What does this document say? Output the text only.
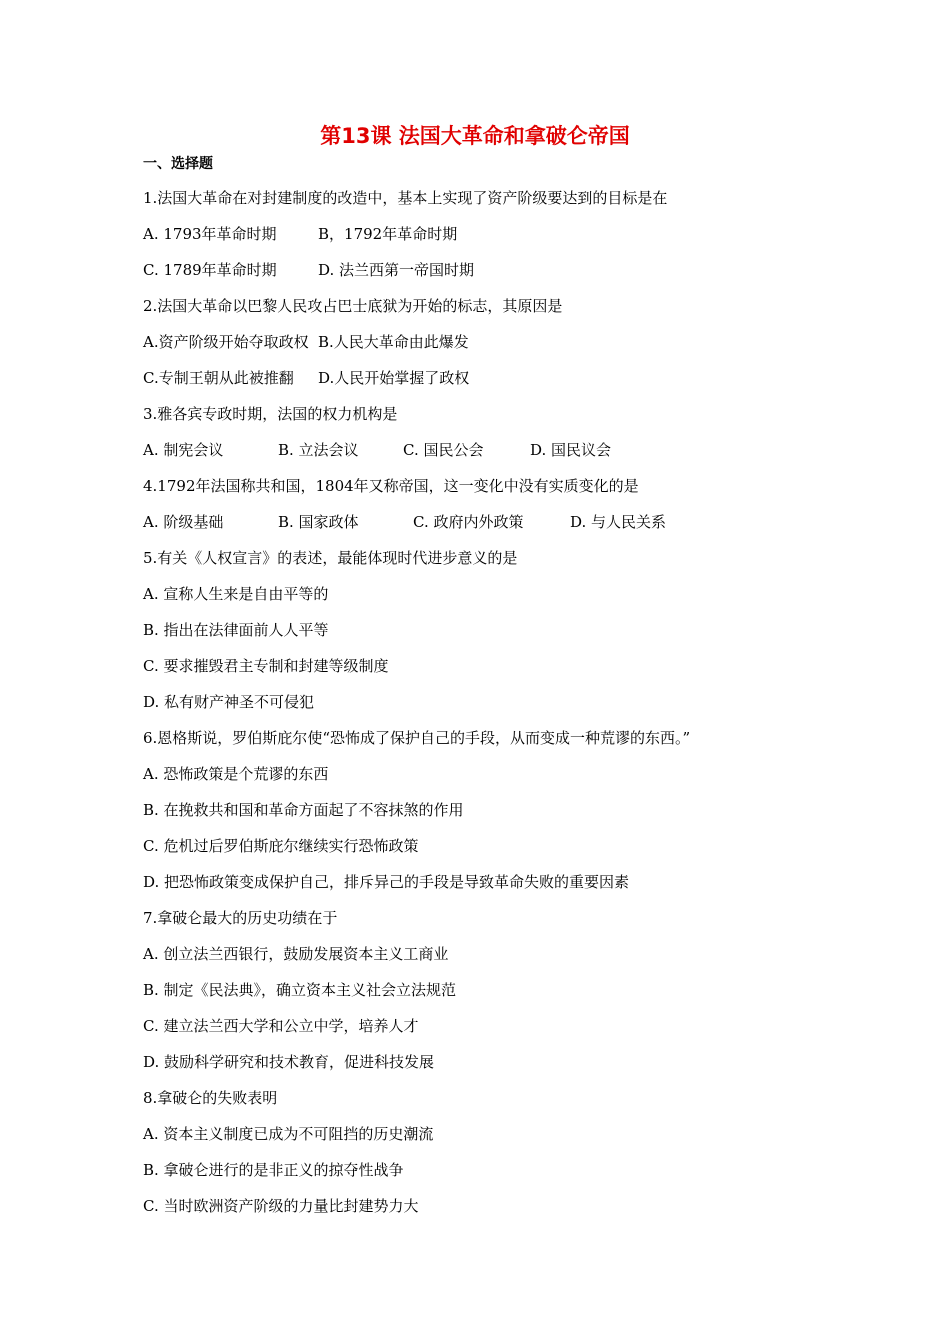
第13课 法国大革命和拿破仑帝国
一、选择题
1.法国大革命在对封建制度的改造中，基本上实现了资产阶级要达到的目标是在
A. 1793年革命时期	B，1792年革命时期
C. 1789年革命时期	D. 法兰西第一帝国时期
2.法国大革命以巴黎人民攻占巴士底狱为开始的标志，其原因是
A.资产阶级开始夺取政权 B.人民大革命由此爆发
C.专制王朝从此被推翻	D.人民开始掌握了政权
3.雅各宾专政时期，法国的权力机构是
A. 制宪会议	B. 立法会议	C. 国民公会	D. 国民议会
4.1792年法国称共和国，1804年又称帝国，这一变化中没有实质变化的是
A. 阶级基础	B. 国家政体	C. 政府内外政策	D. 与人民关系
5.有关《人权宣言》的表述，最能体现时代进步意义的是
A. 宣称人生来是自由平等的
B. 指出在法律面前人人平等
C. 要求摧毁君主专制和封建等级制度
D. 私有财产神圣不可侵犯
6.恩格斯说，罗伯斯庇尔使“恐怖成了保护自己的手段，从而变成一种荒谬的东西。”
A. 恐怖政策是个荒谬的东西
B. 在挽救共和国和革命方面起了不容抹煞的作用
C. 危机过后罗伯斯庇尔继续实行恐怖政策
D. 把恐怖政策变成保护自己，排斥异己的手段是导致革命失败的重要因素
7.拿破仑最大的历史功绩在于
A. 创立法兰西银行，鼓励发展资本主义工商业
B. 制定《民法典》，确立资本主义社会立法规范
C. 建立法兰西大学和公立中学，培养人才
D. 鼓励科学研究和技术教育，促进科技发展
8.拿破仑的失败表明
A. 资本主义制度已成为不可阻挡的历史潮流
B. 拿破仑进行的是非正义的掠夺性战争
C. 当时欧洲资产阶级的力量比封建势力大
